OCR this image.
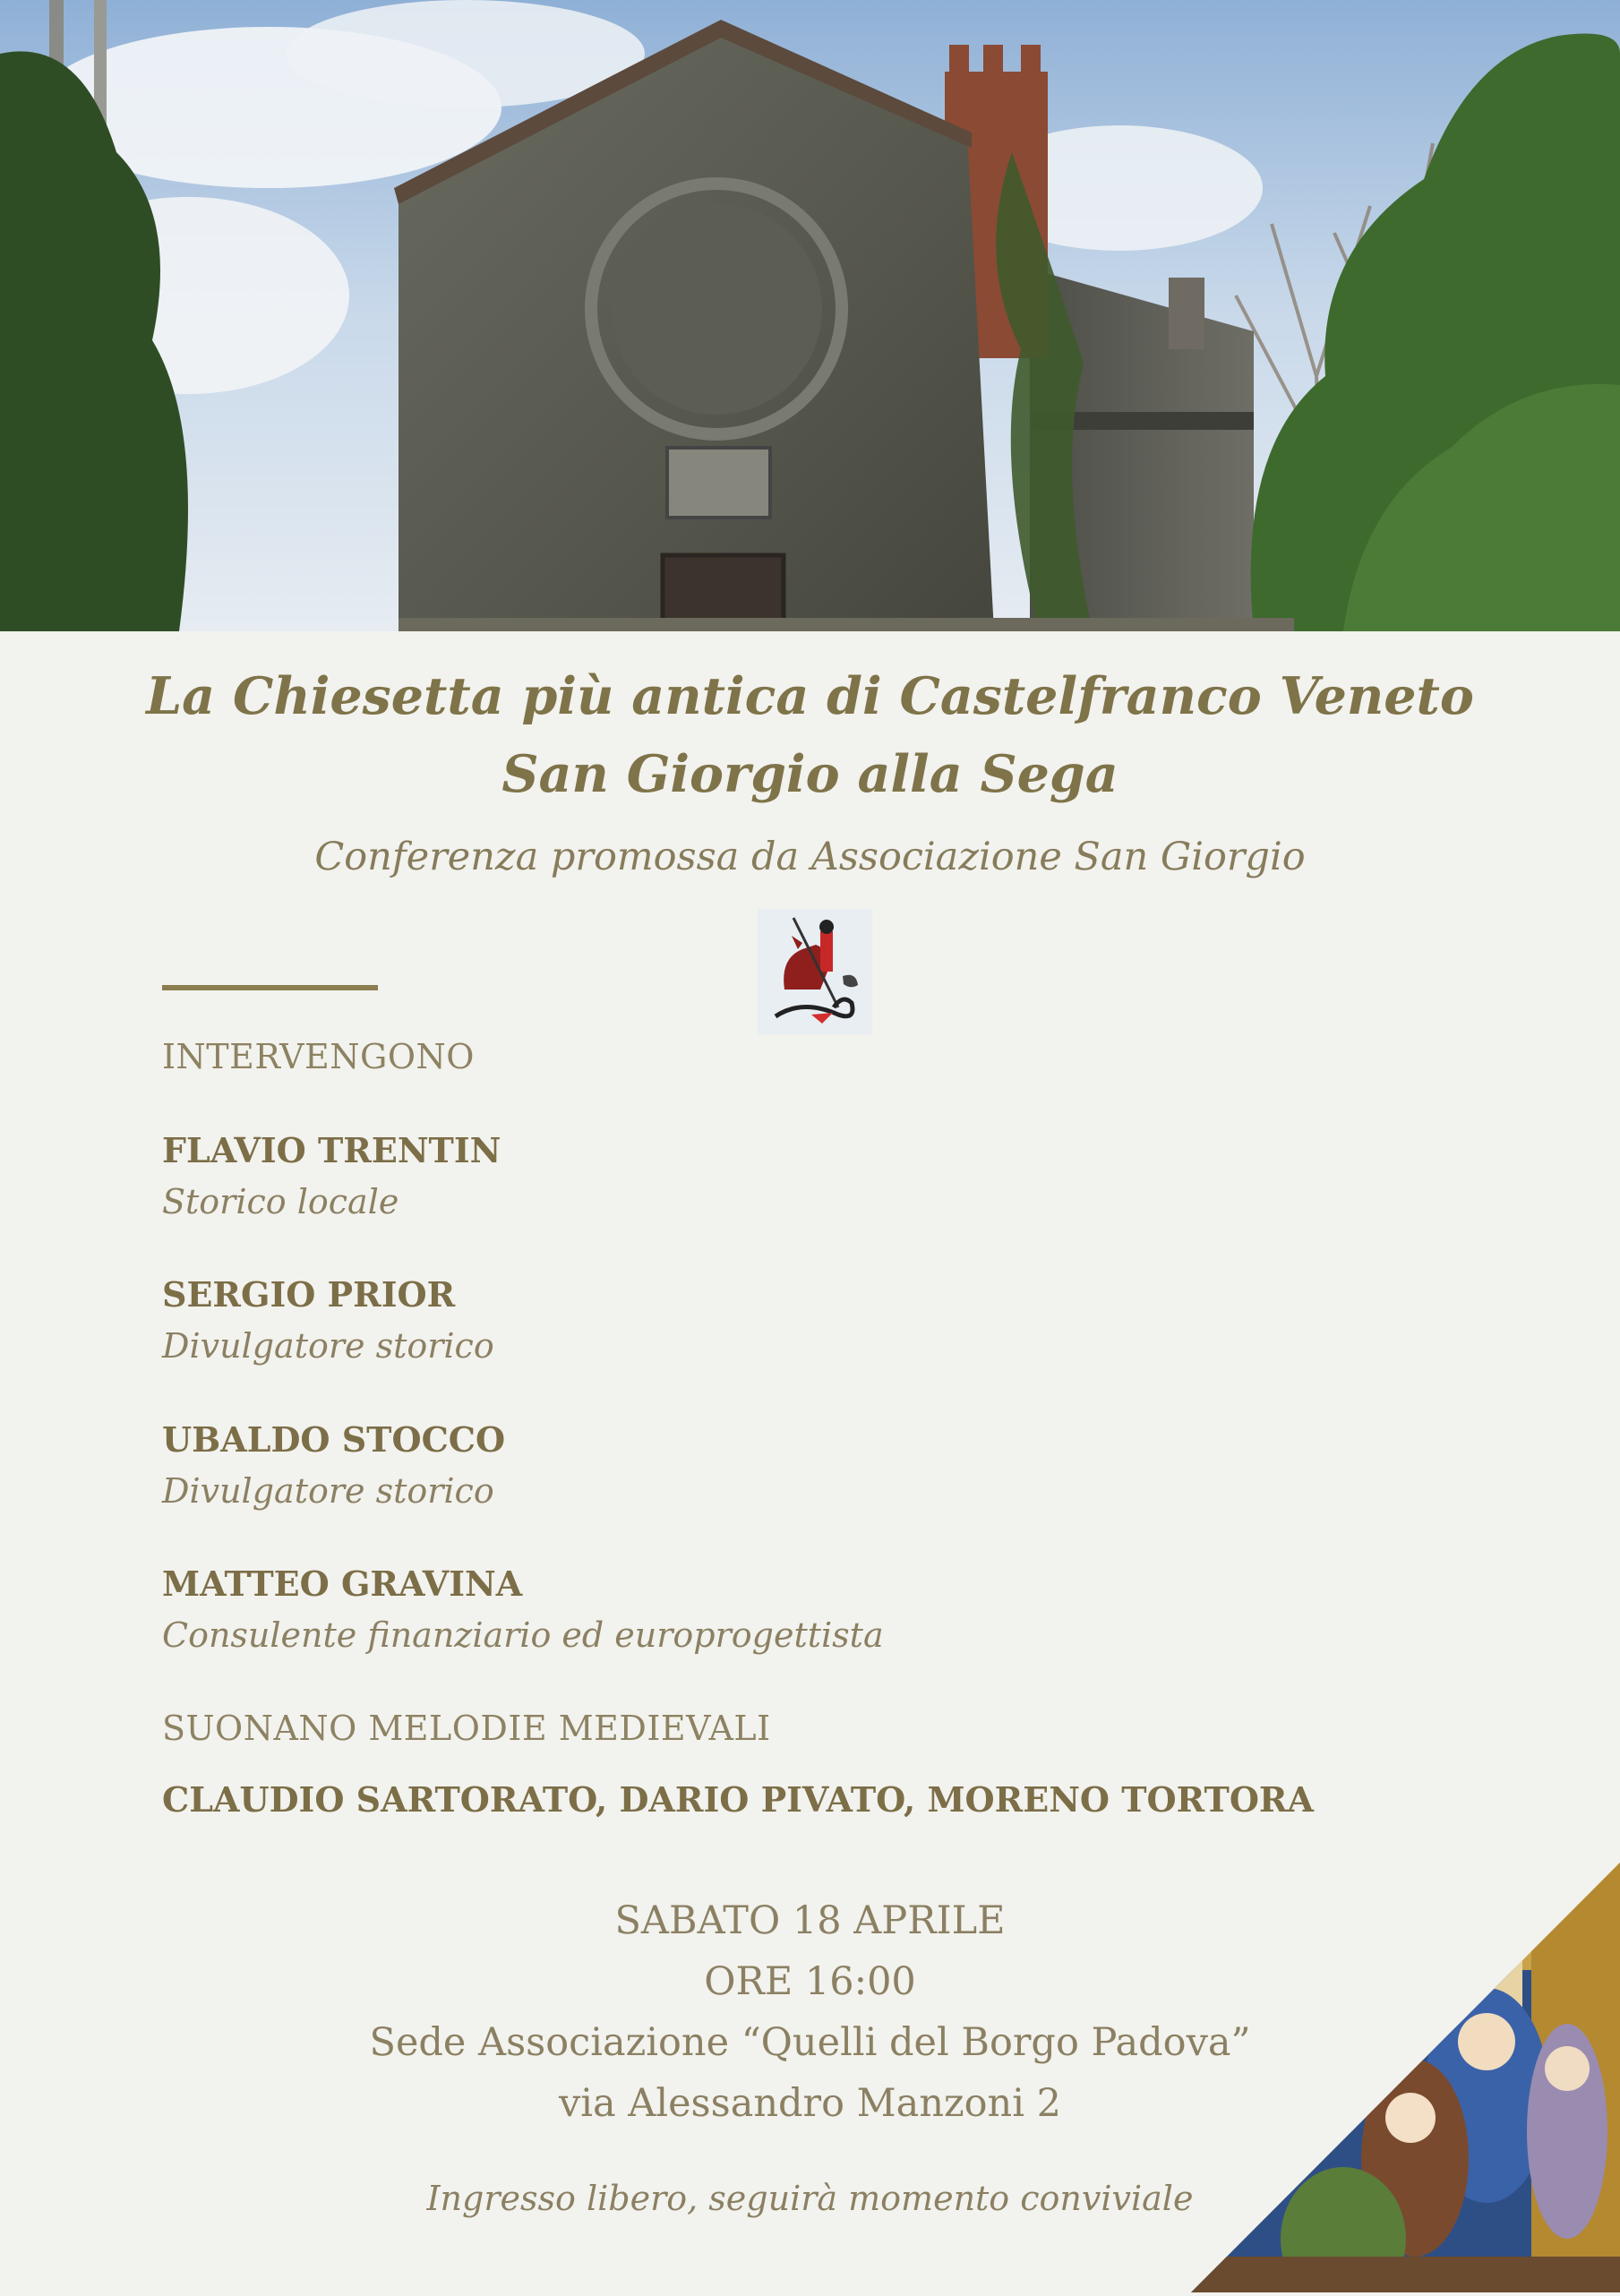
La Chiesetta più antica di Castelfranco Veneto
San Giorgio alla Sega
Conferenza promossa da Associazione San Giorgio
INTERVENGONO
FLAVIO TRENTIN
Storico locale
SERGIO PRIOR
Divulgatore storico
UBALDO STOCCO
Divulgatore storico
MATTEO GRAVINA
Consulente finanziario ed europrogettista
SUONANO MELODIE MEDIEVALI
CLAUDIO SARTORATO, DARIO PIVATO, MORENO TORTORA
SABATO 18 APRILE
ORE 16:00
Sede Associazione “Quelli del Borgo Padova”
via Alessandro Manzoni 2
Ingresso libero, seguirà momento conviviale
